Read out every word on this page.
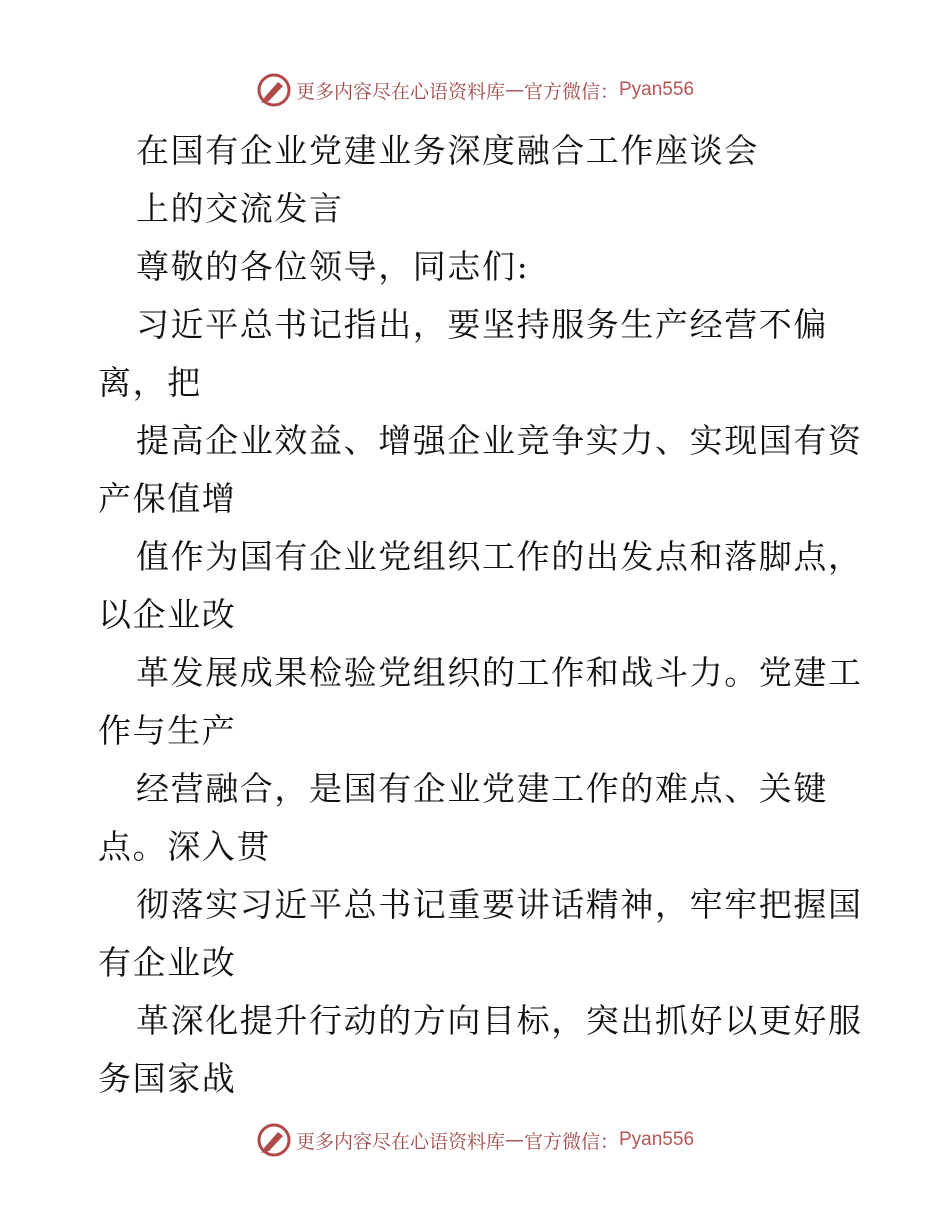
更多内容尽在心语资料库 — 官方微信： Pyan556
在国有企业党建业务深度融合工作座谈会
上的交流发言
尊敬的各位领导，同志们:
习近平总书记指出，要坚持服务生产经营不偏
离，把
提高企业效益、增强企业竞争实力、实现国有资
产保值增
值作为国有企业党组织工作的出发点和落脚点，
以企业改
革发展成果检验党组织的工作和战斗力。党建工
作与生产
经营融合，是国有企业党建工作的难点、关键
点。深入贯
彻落实习近平总书记重要讲话精神，牢牢把握国
有企业改
革深化提升行动的方向目标，突出抓好以更好服
务国家战
更多内容尽在心语资料库 — 官方微信： Pyan556
